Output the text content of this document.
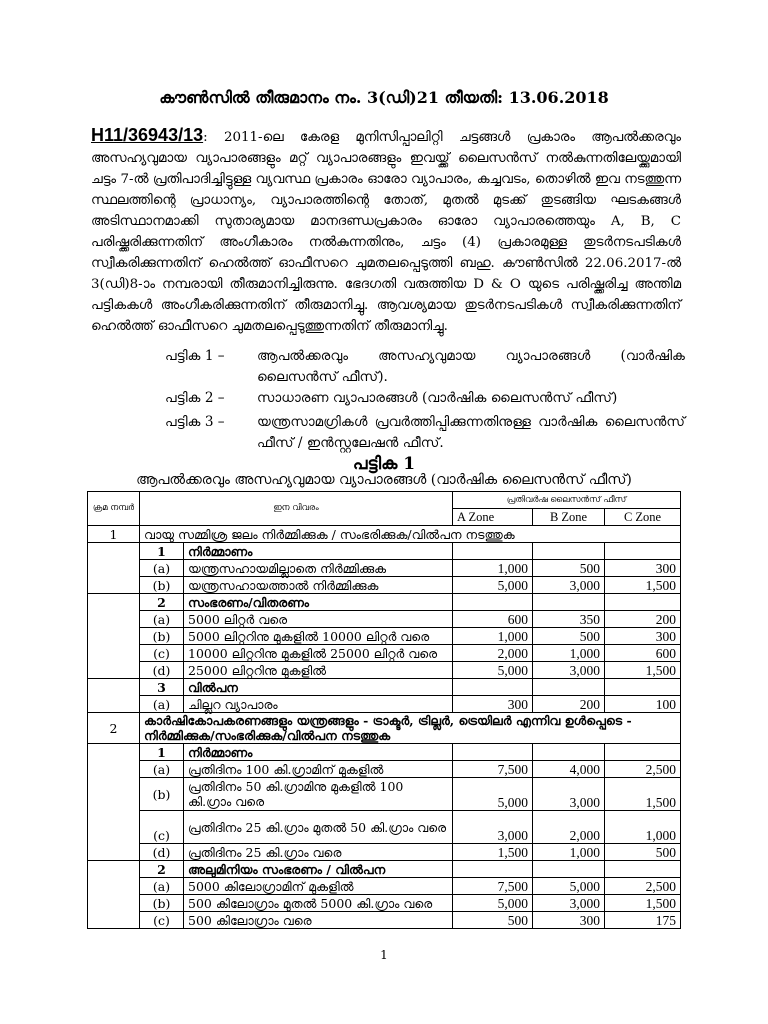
കൗൺസിൽ തീരുമാനം നം. 3(ഡി)21 തീയതി: 13.06.2018
H11/36943/13: 2011-ലെ കേരള മുനിസിപ്പാലിറ്റി ചട്ടങ്ങൾ പ്രകാരം ആപൽക്കരവും അസഹ്യവുമായ വ്യാപാരങ്ങളും മറ്റ് വ്യാപാരങ്ങളും ഇവയ്ക്ക് ലൈസൻസ് നൽകുന്നതിലേയ്ക്കുമായി ചട്ടം 7-ൽ പ്രതിപാദിച്ചിട്ടുള്ള വ്യവസ്ഥ പ്രകാരം ഓരോ വ്യാപാരം, കച്ചവടം, തൊഴിൽ ഇവ നടത്തുന്ന സ്ഥലത്തിന്റെ പ്രാധാന്യം, വ്യാപാരത്തിന്റെ തോത്, മുതൽ മുടക്ക് തുടങ്ങിയ ഘടകങ്ങൾ അടിസ്ഥാനമാക്കി സുതാര്യമായ മാനദണ്ഡപ്രകാരം ഓരോ വ്യാപാരത്തെയും A, B, C പരിഷ്ക്കരിക്കുന്നതിന് അംഗീകാരം നൽകുന്നതിനും, ചട്ടം (4) പ്രകാരമുള്ള തുടർനടപടികൾ സ്വീകരിക്കുന്നതിന് ഹെൽത്ത് ഓഫീസറെ ചുമതലപ്പെടുത്തി ബഹു. കൗൺസിൽ 22.06.2017-ൽ 3(ഡി)8-ാം നമ്പരായി തീരുമാനിച്ചിരുന്നു. ഭേദഗതി വരുത്തിയ D & O യുടെ പരിഷ്ക്കരിച്ച അന്തിമ പട്ടികകൾ അംഗീകരിക്കുന്നതിന് തീരുമാനിച്ചു. ആവശ്യമായ തുടർനടപടികൾ സ്വീകരിക്കുന്നതിന് ഹെൽത്ത് ഓഫീസറെ ചുമതലപ്പെടുത്തുന്നതിന് തീരുമാനിച്ചു.
പട്ടിക 1 –	ആപൽക്കരവും അസഹ്യവുമായ വ്യാപാരങ്ങൾ (വാർഷിക ലൈസൻസ് ഫീസ്).
പട്ടിക 2 –	സാധാരണ വ്യാപാരങ്ങൾ (വാർഷിക ലൈസൻസ് ഫീസ്)
പട്ടിക 3 –	യന്ത്രസാമഗ്രികൾ പ്രവർത്തിപ്പിക്കുന്നതിനുള്ള വാർഷിക ലൈസൻസ് ഫീസ് / ഇൻസ്റ്റലേഷൻ ഫീസ്.
പട്ടിക 1
ആപൽക്കരവും അസഹ്യവുമായ വ്യാപാരങ്ങൾ (വാർഷിക ലൈസൻസ് ഫീസ്)
ക്രമ നമ്പർ	ഇന വിവരം		പ്രതിവർഷ ലൈസൻസ് ഫീസ്		
			A Zone	B Zone	C Zone
1	വായു സമ്മിശ്ര ജലം നിർമ്മിക്കുക / സംഭരിക്കുക/വിൽപന നടത്തുക				
	1	നിർമ്മാണം			
	(a)	യന്ത്രസഹായമില്ലാതെ നിർമ്മിക്കുക	1,000	500	300
	(b)	യന്ത്രസഹായത്താൽ നിർമ്മിക്കുക	5,000	3,000	1,500
	2	സംഭരണം/വിതരണം			
	(a)	5000 ലിറ്റർ വരെ	600	350	200
	(b)	5000 ലിറ്ററിനു മുകളിൽ 10000 ലിറ്റർ വരെ	1,000	500	300
	(c)	10000 ലിറ്ററിനു മുകളിൽ 25000 ലിറ്റർ വരെ	2,000	1,000	600
	(d)	25000 ലിറ്ററിനു മുകളിൽ	5,000	3,000	1,500
	3	വിൽപന			
	(a)	ചില്ലറ വ്യാപാരം	300	200	100
2	കാർഷികോപകരണങ്ങളും യന്ത്രങ്ങളും - ട്രാക്ടർ, ട്രില്ലർ, ട്രെയിലർ എന്നിവ ഉൾപ്പെടെ - നിർമ്മിക്കുക/സംഭരിക്കുക/വിൽപന നടത്തുക				
	1	നിർമ്മാണം			
	(a)	പ്രതിദിനം 100 കി.ഗ്രാമിന് മുകളിൽ	7,500	4,000	2,500
	(b)	പ്രതിദിനം 50 കി.ഗ്രാമിനു മുകളിൽ 100 കി.ഗ്രാം വരെ	5,000	3,000	1,500
	(c)	പ്രതിദിനം 25 കി.ഗ്രാം മുതൽ 50 കി.ഗ്രാം വരെ	3,000	2,000	1,000
	(d)	പ്രതിദിനം 25 കി.ഗ്രാം വരെ	1,500	1,000	500
	2	അലുമിനിയം സംഭരണം / വിൽപന			
	(a)	5000 കിലോഗ്രാമിന് മുകളിൽ	7,500	5,000	2,500
	(b)	500 കിലോഗ്രാം മുതൽ 5000 കി.ഗ്രാം വരെ	5,000	3,000	1,500
	(c)	500 കിലോഗ്രാം വരെ	500	300	175
1
